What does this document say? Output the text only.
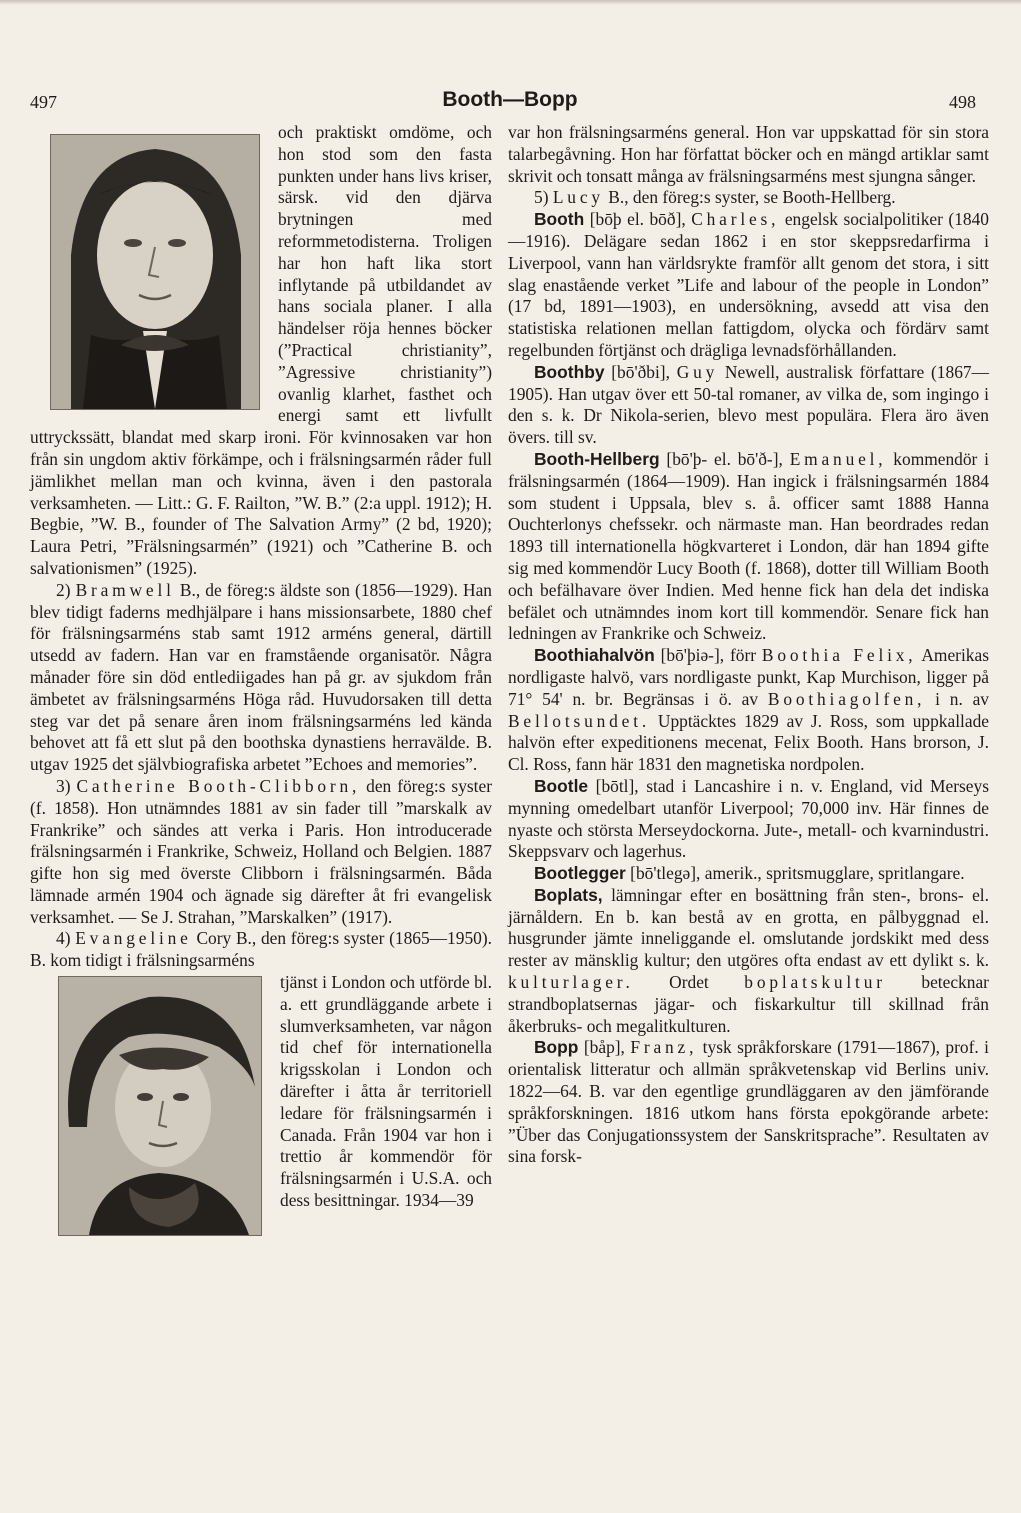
497	Booth—Bopp	498

och praktiskt omdöme, och hon stod som den fasta punkten under hans livs kriser, särsk. vid den djärva brytningen med reformmetodisterna. Troligen har hon haft lika stort inflytande på utbildandet av hans sociala planer. I alla händelser röja hennes böcker (”Practical christianity”, ”Agressive christianity”) ovanlig klarhet, fasthet och energi samt ett livfullt uttryckssätt, blandat med skarp ironi. För kvinnosaken var hon från sin ungdom aktiv förkämpe, och i frälsningsarmén råder full jämlikhet mellan man och kvinna, även i den pastorala verksamheten. — Litt.: G. F. Railton, ”W. B.” (2:a uppl. 1912); H. Begbie, ”W. B., founder of The Salvation Army” (2 bd, 1920); Laura Petri, ”Frälsningsarmén” (1921) och ”Catherine B. och salvationismen” (1925).

2) Bramwell B., de föreg:s äldste son (1856—1929). Han blev tidigt faderns medhjälpare i hans missionsarbete, 1880 chef för frälsningsarméns stab samt 1912 arméns general, därtill utsedd av fadern. Han var en framstående organisatör. Några månader före sin död entlediigades han på gr. av sjukdom från ämbetet av frälsningsarméns Höga råd. Huvudorsaken till detta steg var det på senare åren inom frälsningsarméns led kända behovet att få ett slut på den boothska dynastiens herravälde. B. utgav 1925 det självbiografiska arbetet ”Echoes and memories”.

3) Catherine Booth-Clibborn, den föreg:s syster (f. 1858). Hon utnämndes 1881 av sin fader till ”marskalk av Frankrike” och sändes att verka i Paris. Hon introducerade frälsningsarmén i Frankrike, Schweiz, Holland och Belgien. 1887 gifte hon sig med överste Clibborn i frälsningsarmén. Båda lämnade armén 1904 och ägnade sig därefter åt fri evangelisk verksamhet. — Se J. Strahan, ”Marskalken” (1917).

4) Evangeline Cory B., den föreg:s syster (1865—1950). B. kom tidigt i frälsningsarméns

tjänst i London och utförde bl. a. ett grundläggande arbete i slumverksamheten, var någon tid chef för internationella krigsskolan i London och därefter i åtta år territoriell ledare för frälsningsarmén i Canada. Från 1904 var hon i trettio år kommendör för frälsningsarmén i U.S.A. och dess besittningar. 1934—39

var hon frälsningsarméns general. Hon var uppskattad för sin stora talarbegåvning. Hon har författat böcker och en mängd artiklar samt skrivit och tonsatt många av frälsningsarméns mest sjungna sånger.

5) Lucy B., den föreg:s syster, se Booth-Hellberg.

Booth [bōþ el. bōð], Charles, engelsk socialpolitiker (1840—1916). Delägare sedan 1862 i en stor skeppsredarfirma i Liverpool, vann han världsrykte framför allt genom det stora, i sitt slag enastående verket ”Life and labour of the people in London” (17 bd, 1891—1903), en undersökning, avsedd att visa den statistiska relationen mellan fattigdom, olycka och fördärv samt regelbunden förtjänst och drägliga levnadsförhållanden.

Boothby [bō'ðbi], Guy Newell, australisk författare (1867—1905). Han utgav över ett 50-tal romaner, av vilka de, som ingingo i den s. k. Dr Nikola-serien, blevo mest populära. Flera äro även övers. till sv.

Booth-Hellberg [bō'þ- el. bō'ð-], Emanuel, kommendör i frälsningsarmén (1864—1909). Han ingick i frälsningsarmén 1884 som student i Uppsala, blev s. å. officer samt 1888 Hanna Ouchterlonys chefssekr. och närmaste man. Han beordrades redan 1893 till internationella högkvarteret i London, där han 1894 gifte sig med kommendör Lucy Booth (f. 1868), dotter till William Booth och befälhavare över Indien. Med henne fick han dela det indiska befälet och utnämndes inom kort till kommendör. Senare fick han ledningen av Frankrike och Schweiz.

Boothiahalvön [bō'þiə-], förr Boothia Felix, Amerikas nordligaste halvö, vars nordligaste punkt, Kap Murchison, ligger på 71° 54' n. br. Begränsas i ö. av Boothiagolfen, i n. av Bellotsundet. Upptäcktes 1829 av J. Ross, som uppkallade halvön efter expeditionens mecenat, Felix Booth. Hans brorson, J. Cl. Ross, fann här 1831 den magnetiska nordpolen.

Bootle [bōtl], stad i Lancashire i n. v. England, vid Merseys mynning omedelbart utanför Liverpool; 70,000 inv. Här finnes de nyaste och största Merseydockorna. Jute-, metall- och kvarnindustri. Skeppsvarv och lagerhus.

Bootlegger [bō'tlegə], amerik., spritsmugglare, spritlangare.

Boplats, lämningar efter en bosättning från sten-, brons- el. järnåldern. En b. kan bestå av en grotta, en pålbyggnad el. husgrunder jämte inneliggande el. omslutande jordskikt med dess rester av mänsklig kultur; den utgöres ofta endast av ett dylikt s. k. kulturlager. Ordet boplatskultur betecknar strandboplatsernas jägar- och fiskarkultur till skillnad från åkerbruks- och megalitkulturen.

Bopp [båp], Franz, tysk språkforskare (1791—1867), prof. i orientalisk litteratur och allmän språkvetenskap vid Berlins univ. 1822—64. B. var den egentlige grundläggaren av den jämförande språkforskningen. 1816 utkom hans första epokgörande arbete: ”Über das Conjugationssystem der Sanskritsprache”. Resultaten av sina forsk-
